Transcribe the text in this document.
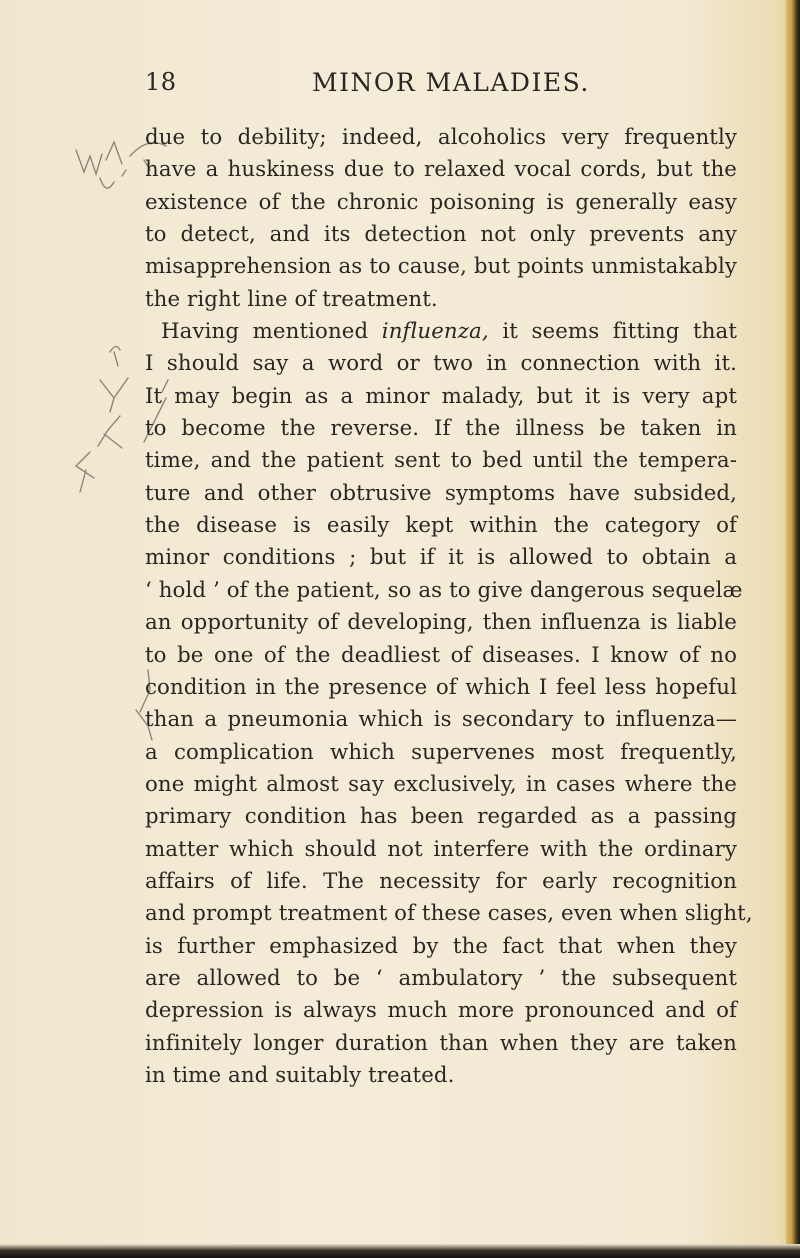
18	MINOR MALADIES.
due to debility; indeed, alcoholics very frequently
have a huskiness due to relaxed vocal cords, but the
existence of the chronic poisoning is generally easy
to detect, and its detection not only prevents any
misapprehension as to cause, but points unmistakably
the right line of treatment.
Having mentioned influenza, it seems fitting that
I should say a word or two in connection with it.
It may begin as a minor malady, but it is very apt
to become the reverse. If the illness be taken in
time, and the patient sent to bed until the tempera-
ture and other obtrusive symptoms have subsided,
the disease is easily kept within the category of
minor conditions ; but if it is allowed to obtain a
‘ hold ’ of the patient, so as to give dangerous sequelæ
an opportunity of developing, then influenza is liable
to be one of the deadliest of diseases. I know of no
condition in the presence of which I feel less hopeful
than a pneumonia which is secondary to influenza—
a complication which supervenes most frequently,
one might almost say exclusively, in cases where the
primary condition has been regarded as a passing
matter which should not interfere with the ordinary
affairs of life. The necessity for early recognition
and prompt treatment of these cases, even when slight,
is further emphasized by the fact that when they
are allowed to be ‘ ambulatory ’ the subsequent
depression is always much more pronounced and of
infinitely longer duration than when they are taken
in time and suitably treated.
